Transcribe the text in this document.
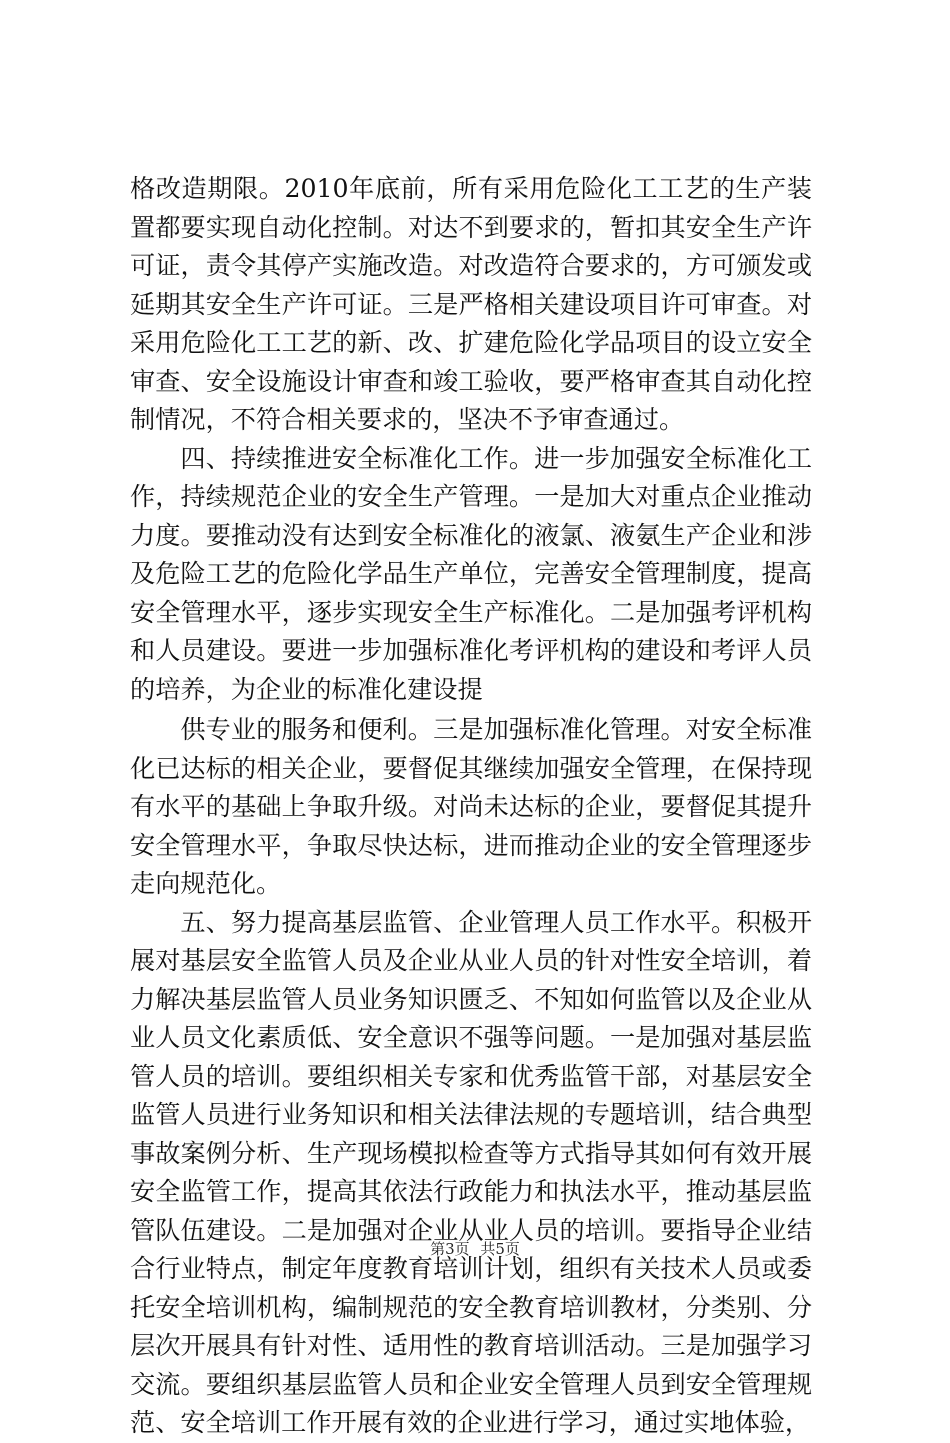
格改造期限。2010年底前，所有采用危险化工工艺的生产装置都要实现自动化控制。对达不到要求的，暂扣其安全生产许可证，责令其停产实施改造。对改造符合要求的，方可颁发或延期其安全生产许可证。三是严格相关建设项目许可审查。对采用危险化工工艺的新、改、扩建危险化学品项目的设立安全审查、安全设施设计审查和竣工验收，要严格审查其自动化控制情况，不符合相关要求的，坚决不予审查通过。

四、持续推进安全标准化工作。进一步加强安全标准化工作，持续规范企业的安全生产管理。一是加大对重点企业推动力度。要推动没有达到安全标准化的液氯、液氨生产企业和涉及危险工艺的危险化学品生产单位，完善安全管理制度，提高安全管理水平，逐步实现安全生产标准化。二是加强考评机构和人员建设。要进一步加强标准化考评机构的建设和考评人员的培养，为企业的标准化建设提

供专业的服务和便利。三是加强标准化管理。对安全标准化已达标的相关企业，要督促其继续加强安全管理，在保持现有水平的基础上争取升级。对尚未达标的企业，要督促其提升安全管理水平，争取尽快达标，进而推动企业的安全管理逐步走向规范化。

五、努力提高基层监管、企业管理人员工作水平。积极开展对基层安全监管人员及企业从业人员的针对性安全培训，着力解决基层监管人员业务知识匮乏、不知如何监管以及企业从业人员文化素质低、安全意识不强等问题。一是加强对基层监管人员的培训。要组织相关专家和优秀监管干部，对基层安全监管人员进行业务知识和相关法律法规的专题培训，结合典型事故案例分析、生产现场模拟检查等方式指导其如何有效开展安全监管工作，提高其依法行政能力和执法水平，推动基层监管队伍建设。二是加强对企业从业人员的培训。要指导企业结合行业特点，制定年度教育培训计划，组织有关技术人员或委托安全培训机构，编制规范的安全教育培训教材，分类别、分层次开展具有针对性、适用性的教育培训活动。三是加强学习交流。要组织基层监管人员和企业安全管理人员到安全管理规范、安全培训工作开展有效的企业进行学习，通过实地体验，

第3页 共5页
